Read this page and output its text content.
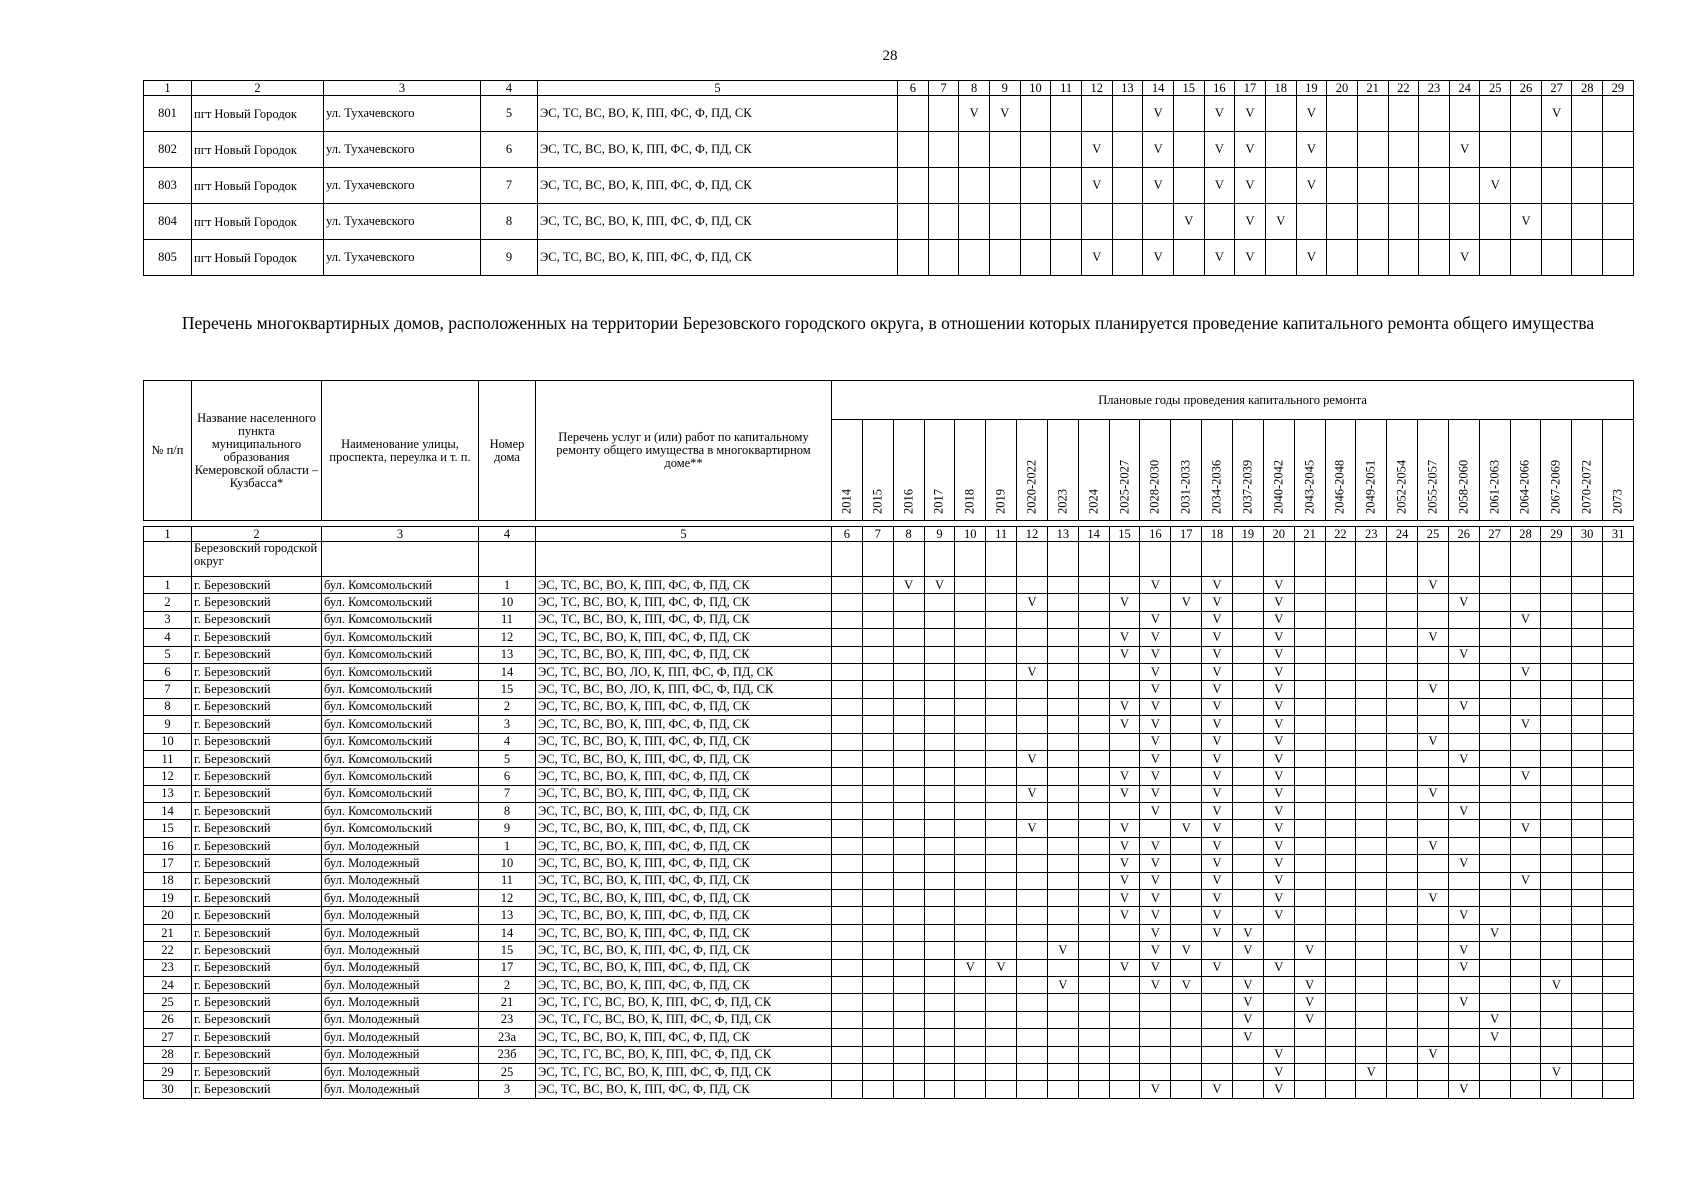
28
1	2	3	4	5	6	7	8	9	10	11	12	13	14	15	16	17	18	19	20	21	22	23	24	25	26	27	28	29
801	пгт Новый Городок	ул. Тухачевского	5	ЭС, ТС, ВС, ВО, К, ПП, ФС, Ф, ПД, СК			V	V					V		V	V		V								V		
802	пгт Новый Городок	ул. Тухачевского	6	ЭС, ТС, ВС, ВО, К, ПП, ФС, Ф, ПД, СК							V		V		V	V		V					V					
803	пгт Новый Городок	ул. Тухачевского	7	ЭС, ТС, ВС, ВО, К, ПП, ФС, Ф, ПД, СК							V		V		V	V		V						V				
804	пгт Новый Городок	ул. Тухачевского	8	ЭС, ТС, ВС, ВО, К, ПП, ФС, Ф, ПД, СК										V		V	V								V			
805	пгт Новый Городок	ул. Тухачевского	9	ЭС, ТС, ВС, ВО, К, ПП, ФС, Ф, ПД, СК							V		V		V	V		V					V					
Перечень многоквартирных домов, расположенных на территории Березовского городского округа, в отношении которых планируется проведение капитального ремонта общего имущества
№ п/п	Название населенного пункта муниципального образования Кемеровской области – Кузбасса*	Наименование улицы, проспекта, переулка и т. п.	Номер дома	Перечень услуг и (или) работ по капитальному ремонту общего имущества в многоквартирном доме**	Плановые годы проведения капитального ремонта																									

					2014	2015	2016	2017	2018	2019	2020-2022	2023	2024	2025-2027	2028-2030	2031-2033	2034-2036	2037-2039	2040-2042	2043-2045	2046-2048	2049-2051	2052-2054	2055-2057	2058-2060	2061-2063	2064-2066	2067-2069	2070-2072	2073

1	2	3	4	5	6	7	8	9	10	11	12	13	14	15	16	17	18	19	20	21	22	23	24	25	26	27	28	29	30	31
	Березовский городской округ																													
1	г. Березовский	бул. Комсомольский	1	ЭС, ТС, ВС, ВО, К, ПП, ФС, Ф, ПД, СК			V	V							V		V		V					V						
2	г. Березовский	бул. Комсомольский	10	ЭС, ТС, ВС, ВО, К, ПП, ФС, Ф, ПД, СК							V			V		V	V		V						V					
3	г. Березовский	бул. Комсомольский	11	ЭС, ТС, ВС, ВО, К, ПП, ФС, Ф, ПД, СК											V		V		V								V			
4	г. Березовский	бул. Комсомольский	12	ЭС, ТС, ВС, ВО, К, ПП, ФС, Ф, ПД, СК										V	V		V		V					V						
5	г. Березовский	бул. Комсомольский	13	ЭС, ТС, ВС, ВО, К, ПП, ФС, Ф, ПД, СК										V	V		V		V						V					
6	г. Березовский	бул. Комсомольский	14	ЭС, ТС, ВС, ВО, ЛО, К, ПП, ФС, Ф, ПД, СК							V				V		V		V								V			
7	г. Березовский	бул. Комсомольский	15	ЭС, ТС, ВС, ВО, ЛО, К, ПП, ФС, Ф, ПД, СК											V		V		V					V						
8	г. Березовский	бул. Комсомольский	2	ЭС, ТС, ВС, ВО, К, ПП, ФС, Ф, ПД, СК										V	V		V		V						V					
9	г. Березовский	бул. Комсомольский	3	ЭС, ТС, ВС, ВО, К, ПП, ФС, Ф, ПД, СК										V	V		V		V								V			
10	г. Березовский	бул. Комсомольский	4	ЭС, ТС, ВС, ВО, К, ПП, ФС, Ф, ПД, СК											V		V		V					V						
11	г. Березовский	бул. Комсомольский	5	ЭС, ТС, ВС, ВО, К, ПП, ФС, Ф, ПД, СК							V				V		V		V						V					
12	г. Березовский	бул. Комсомольский	6	ЭС, ТС, ВС, ВО, К, ПП, ФС, Ф, ПД, СК										V	V		V		V								V			
13	г. Березовский	бул. Комсомольский	7	ЭС, ТС, ВС, ВО, К, ПП, ФС, Ф, ПД, СК							V			V	V		V		V					V						
14	г. Березовский	бул. Комсомольский	8	ЭС, ТС, ВС, ВО, К, ПП, ФС, Ф, ПД, СК											V		V		V						V					
15	г. Березовский	бул. Комсомольский	9	ЭС, ТС, ВС, ВО, К, ПП, ФС, Ф, ПД, СК							V			V		V	V		V								V			
16	г. Березовский	бул. Молодежный	1	ЭС, ТС, ВС, ВО, К, ПП, ФС, Ф, ПД, СК										V	V		V		V					V						
17	г. Березовский	бул. Молодежный	10	ЭС, ТС, ВС, ВО, К, ПП, ФС, Ф, ПД, СК										V	V		V		V						V					
18	г. Березовский	бул. Молодежный	11	ЭС, ТС, ВС, ВО, К, ПП, ФС, Ф, ПД, СК										V	V		V		V								V			
19	г. Березовский	бул. Молодежный	12	ЭС, ТС, ВС, ВО, К, ПП, ФС, Ф, ПД, СК										V	V		V		V					V						
20	г. Березовский	бул. Молодежный	13	ЭС, ТС, ВС, ВО, К, ПП, ФС, Ф, ПД, СК										V	V		V		V						V					
21	г. Березовский	бул. Молодежный	14	ЭС, ТС, ВС, ВО, К, ПП, ФС, Ф, ПД, СК											V		V	V								V				
22	г. Березовский	бул. Молодежный	15	ЭС, ТС, ВС, ВО, К, ПП, ФС, Ф, ПД, СК								V			V	V		V		V					V					
23	г. Березовский	бул. Молодежный	17	ЭС, ТС, ВС, ВО, К, ПП, ФС, Ф, ПД, СК					V	V				V	V		V		V						V					
24	г. Березовский	бул. Молодежный	2	ЭС, ТС, ВС, ВО, К, ПП, ФС, Ф, ПД, СК								V			V	V		V		V								V		
25	г. Березовский	бул. Молодежный	21	ЭС, ТС, ГС, ВС, ВО, К, ПП, ФС, Ф, ПД, СК														V		V					V					
26	г. Березовский	бул. Молодежный	23	ЭС, ТС, ГС, ВС, ВО, К, ПП, ФС, Ф, ПД, СК														V		V						V				
27	г. Березовский	бул. Молодежный	23а	ЭС, ТС, ВС, ВО, К, ПП, ФС, Ф, ПД, СК														V								V				
28	г. Березовский	бул. Молодежный	23б	ЭС, ТС, ГС, ВС, ВО, К, ПП, ФС, Ф, ПД, СК															V					V						
29	г. Березовский	бул. Молодежный	25	ЭС, ТС, ГС, ВС, ВО, К, ПП, ФС, Ф, ПД, СК															V			V						V		
30	г. Березовский	бул. Молодежный	3	ЭС, ТС, ВС, ВО, К, ПП, ФС, Ф, ПД, СК											V		V		V						V					
